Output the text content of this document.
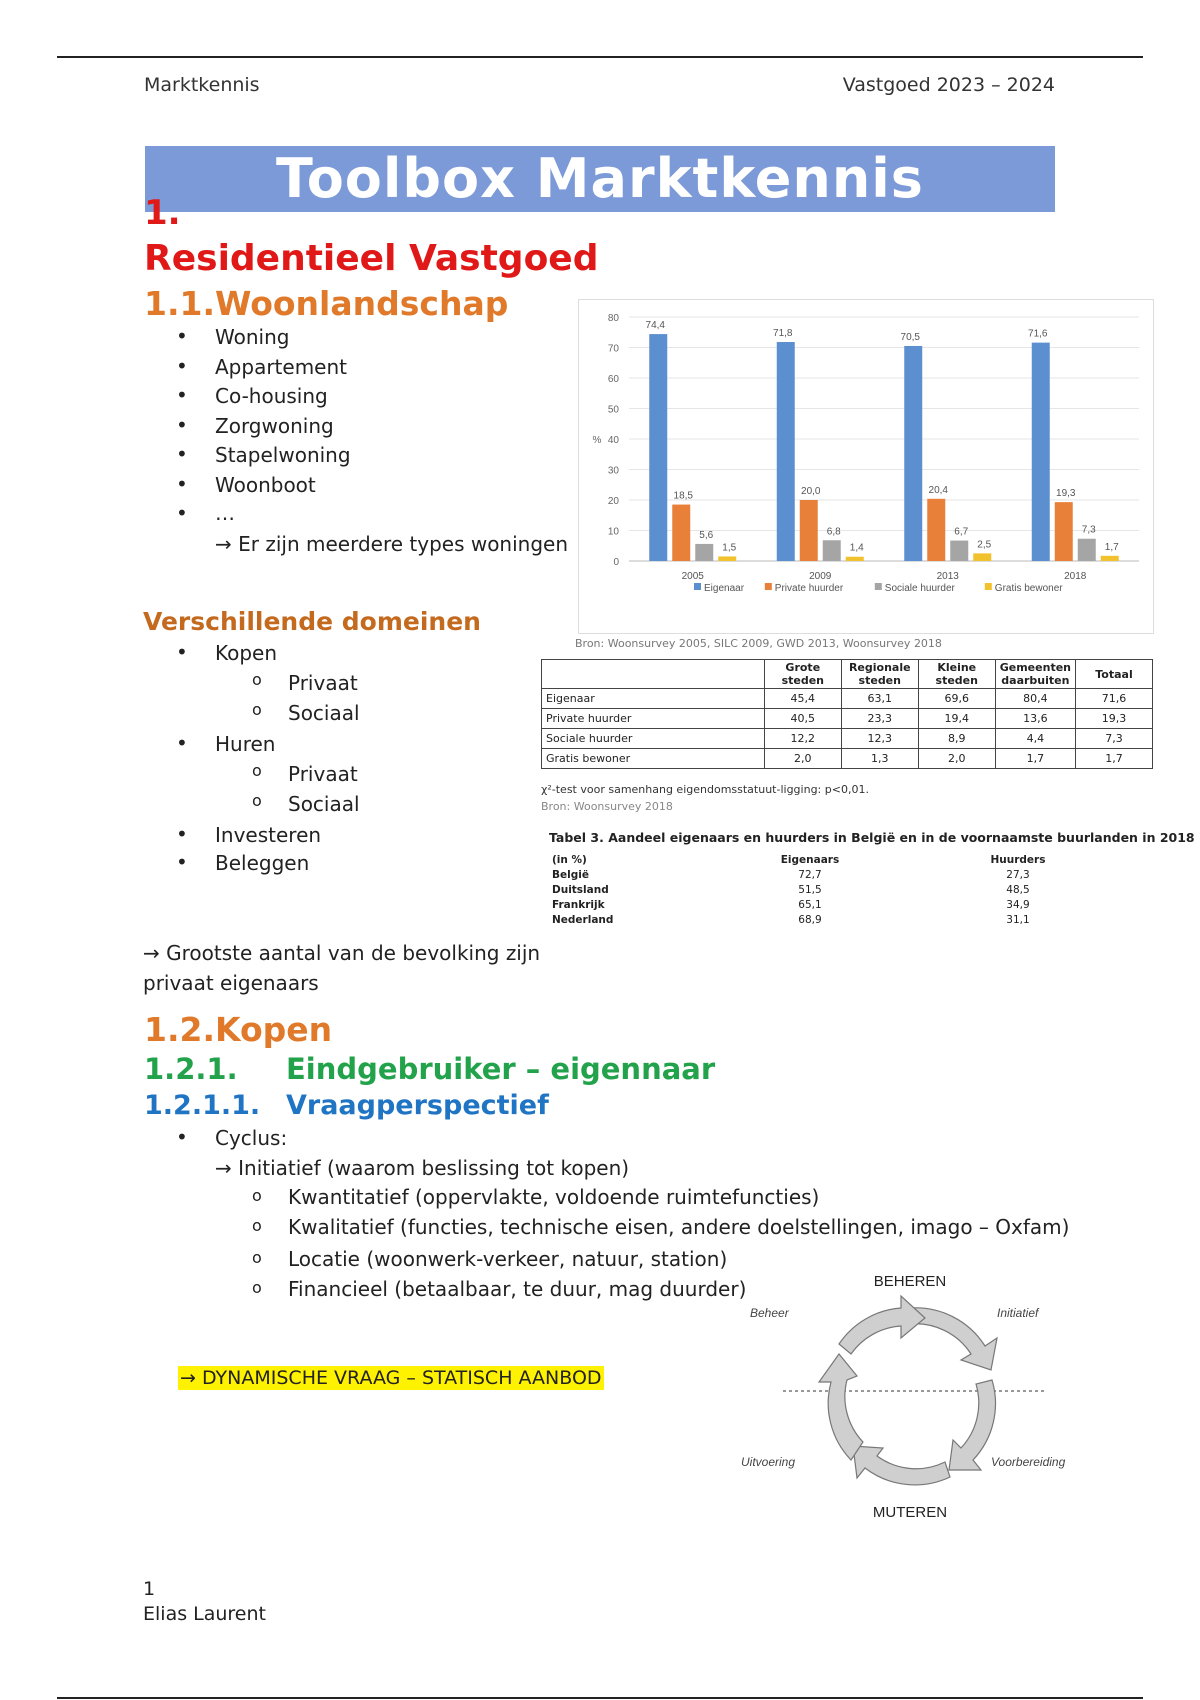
Marktkennis	Vastgoed 2023 – 2024
Toolbox Marktkennis
1.
Residentieel Vastgoed
1.1.Woonlandschap
• Woning
• Appartement
• Co-housing
• Zorgwoning
• Stapelwoning
• Woonboot
• …
→ Er zijn meerdere types woningen
0
10
20
30
40
50
60
70
80
%
74,4
18,5
5,6
1,5
2005
71,8
20,0
6,8
1,4
2009
70,5
20,4
6,7
2,5
2013
71,6
19,3
7,3
1,7
2018
Eigenaar	Private huurder	Sociale huurder	Gratis bewoner
Bron: Woonsurvey 2005, SILC 2009, GWD 2013, Woonsurvey 2018
Verschillende domeinen
• Kopen
o Privaat
o Sociaal
• Huren
o Privaat
o Sociaal
• Investeren
• Beleggen
→ Grootste aantal van de bevolking zijn
privaat eigenaars
	Grote steden	Regionale steden	Kleine steden	Gemeenten daarbuiten	Totaal
Eigenaar	45,4	63,1	69,6	80,4	71,6
Private huurder	40,5	23,3	19,4	13,6	19,3
Sociale huurder	12,2	12,3	8,9	4,4	7,3
Gratis bewoner	2,0	1,3	2,0	1,7	1,7
χ²-test voor samenhang eigendomsstatuut-ligging: p<0,01.
Bron: Woonsurvey 2018
Tabel 3. Aandeel eigenaars en huurders in België en in de voornaamste buurlanden in 2018
(in %)	Eigenaars	Huurders
België	72,7	27,3
Duitsland	51,5	48,5
Frankrijk	65,1	34,9
Nederland	68,9	31,1
1.2.Kopen
1.2.1. Eindgebruiker – eigennaar
1.2.1.1. Vraagperspectief
• Cyclus:
→ Initiatief (waarom beslissing tot kopen)
o Kwantitatief (oppervlakte, voldoende ruimtefuncties)
o Kwalitatief (functies, technische eisen, andere doelstellingen, imago – Oxfam)
o Locatie (woonwerk-verkeer, natuur, station)
o Financieel (betaalbaar, te duur, mag duurder)
→ DYNAMISCHE VRAAG – STATISCH AANBOD
BEHEREN
MUTEREN
Beheer	Initiatief
Uitvoering	Voorbereiding
1
Elias Laurent
